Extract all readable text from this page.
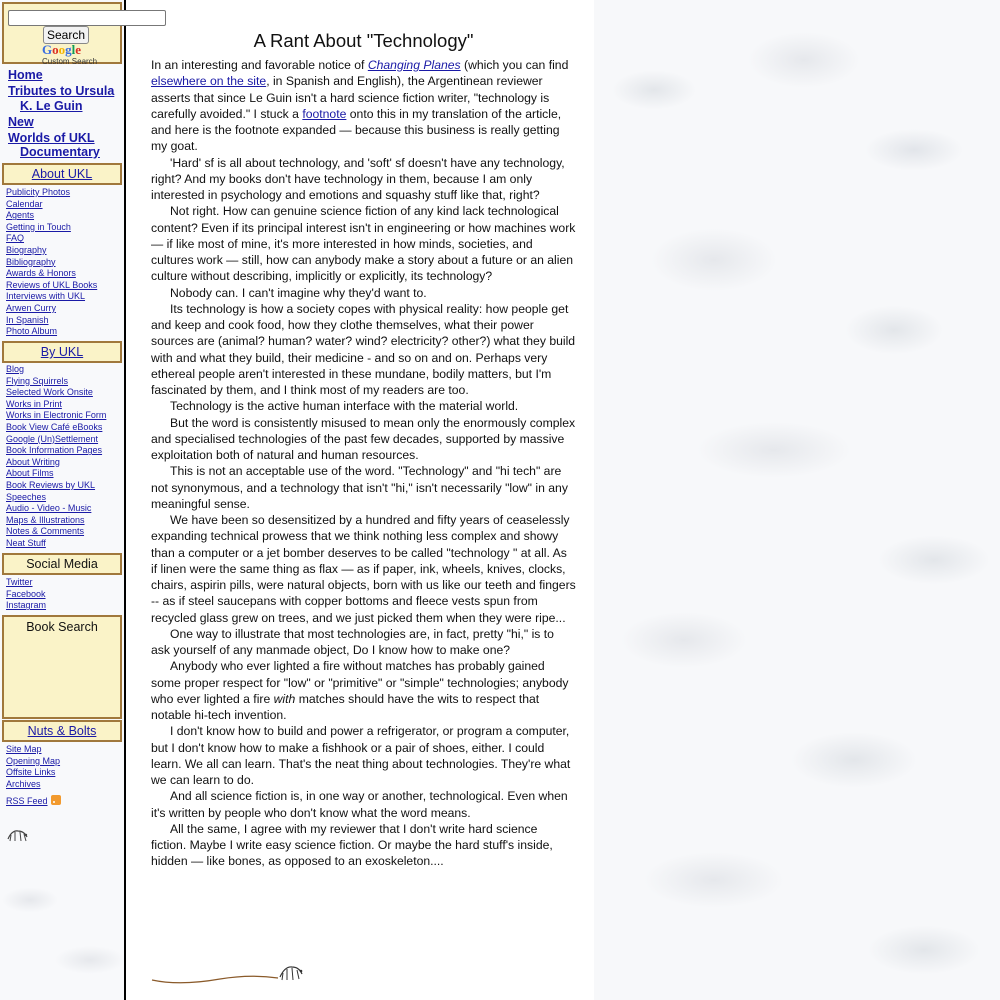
Search
Google
Custom Search
Home
Tributes to Ursula K. Le Guin
New
Worlds of UKL Documentary
About UKL
Publicity Photos
Calendar
Agents
Getting in Touch
FAQ
Biography
Bibliography
Awards & Honors
Reviews of UKL Books
Interviews with UKL
Arwen Curry
In Spanish
Photo Album
By UKL
Blog
Flying Squirrels
Selected Work Onsite
Works in Print
Works in Electronic Form
Book View Café eBooks
Google (Un)Settlement
Book Information Pages
About Writing
About Films
Book Reviews by UKL
Speeches
Audio - Video - Music
Maps & Illustrations
Notes & Comments
Neat Stuff
Social Media
Twitter
Facebook
Instagram
Book Search
Nuts & Bolts
Site Map
Opening Map
Offsite Links
Archives
RSS Feed
A Rant About "Technology"

In an interesting and favorable notice of Changing Planes (which you can find elsewhere on the site, in Spanish and English), the Argentinean reviewer asserts that since Le Guin isn't a hard science fiction writer, "technology is carefully avoided." I stuck a footnote onto this in my translation of the article, and here is the footnote expanded — because this business is really getting my goat.

'Hard' sf is all about technology, and 'soft' sf doesn't have any technology, right? And my books don't have technology in them, because I am only interested in psychology and emotions and squashy stuff like that, right?

Not right. How can genuine science fiction of any kind lack technological content? Even if its principal interest isn't in engineering or how machines work — if like most of mine, it's more interested in how minds, societies, and cultures work — still, how can anybody make a story about a future or an alien culture without describing, implicitly or explicitly, its technology?

Nobody can. I can't imagine why they'd want to.

Its technology is how a society copes with physical reality: how people get and keep and cook food, how they clothe themselves, what their power sources are (animal? human? water? wind? electricity? other?) what they build with and what they build, their medicine - and so on and on. Perhaps very ethereal people aren't interested in these mundane, bodily matters, but I'm fascinated by them, and I think most of my readers are too.

Technology is the active human interface with the material world.

But the word is consistently misused to mean only the enormously complex and specialised technologies of the past few decades, supported by massive exploitation both of natural and human resources.

This is not an acceptable use of the word. "Technology" and "hi tech" are not synonymous, and a technology that isn't "hi," isn't necessarily "low" in any meaningful sense.

We have been so desensitized by a hundred and fifty years of ceaselessly expanding technical prowess that we think nothing less complex and showy than a computer or a jet bomber deserves to be called "technology " at all. As if linen were the same thing as flax — as if paper, ink, wheels, knives, clocks, chairs, aspirin pills, were natural objects, born with us like our teeth and fingers -- as if steel saucepans with copper bottoms and fleece vests spun from recycled glass grew on trees, and we just picked them when they were ripe...

One way to illustrate that most technologies are, in fact, pretty "hi," is to ask yourself of any manmade object, Do I know how to make one?

Anybody who ever lighted a fire without matches has probably gained some proper respect for "low" or "primitive" or "simple" technologies; anybody who ever lighted a fire with matches should have the wits to respect that notable hi-tech invention.

I don't know how to build and power a refrigerator, or program a computer, but I don't know how to make a fishhook or a pair of shoes, either. I could learn. We all can learn. That's the neat thing about technologies. They're what we can learn to do.

And all science fiction is, in one way or another, technological. Even when it's written by people who don't know what the word means.

All the same, I agree with my reviewer that I don't write hard science fiction. Maybe I write easy science fiction. Or maybe the hard stuff's inside, hidden — like bones, as opposed to an exoskeleton....
